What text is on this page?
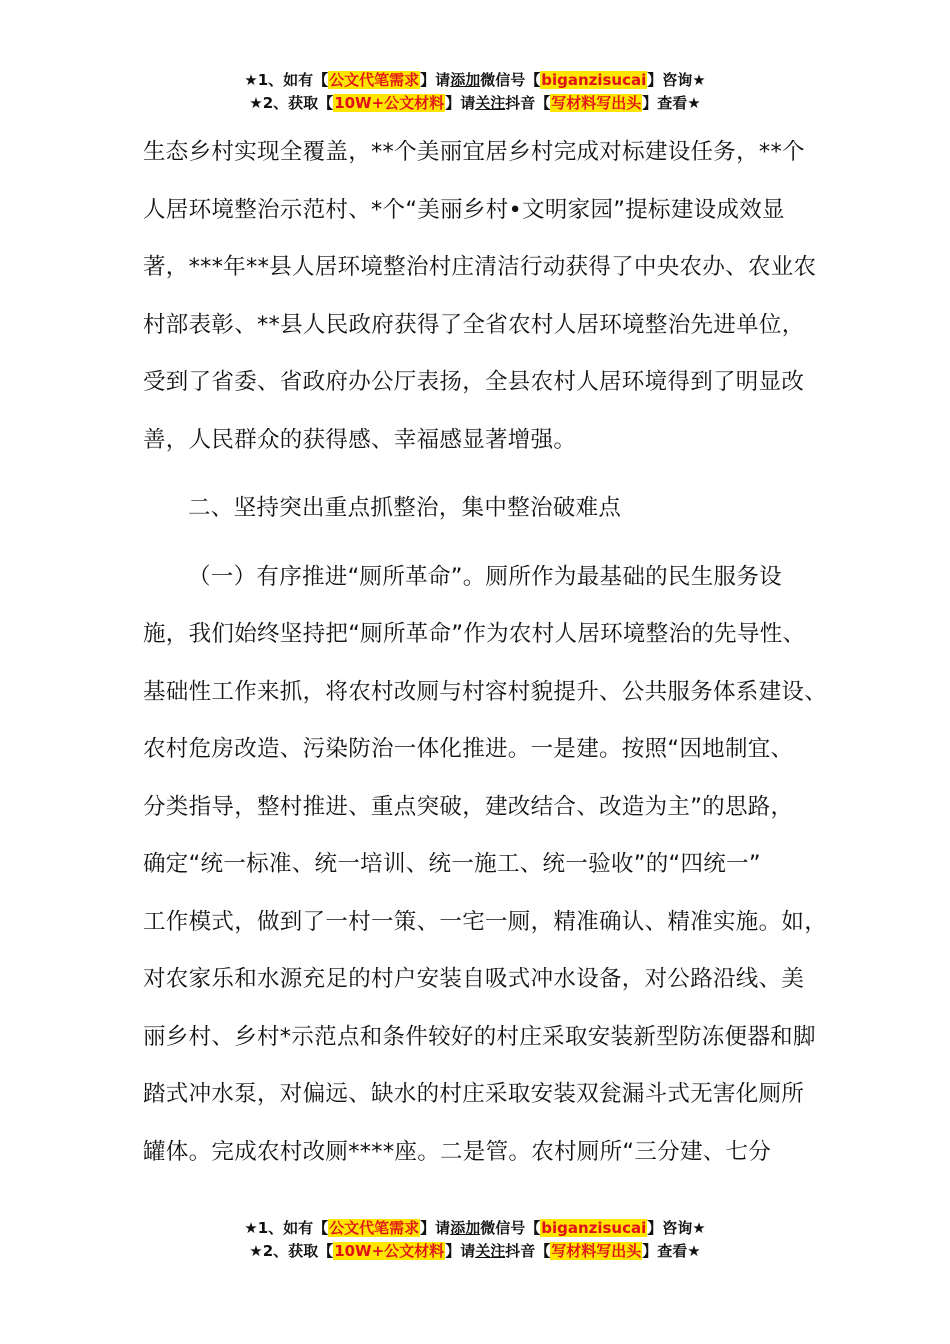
★1、如有【公文代笔需求】请添加微信号【biganzisucai】咨询★
★2、获取【10W+公文材料】请关注抖音【写材料写出头】查看★
生态乡村实现全覆盖，**个美丽宜居乡村完成对标建设任务，**个
人居环境整治示范村、*个“美丽乡村•文明家园”提标建设成效显
著，***年**县人居环境整治村庄清洁行动获得了中央农办、农业农
村部表彰、**县人民政府获得了全省农村人居环境整治先进单位，
受到了省委、省政府办公厅表扬，全县农村人居环境得到了明显改
善，人民群众的获得感、幸福感显著增强。
二、坚持突出重点抓整治，集中整治破难点
（一）有序推进“厕所革命”。厕所作为最基础的民生服务设
施，我们始终坚持把“厕所革命”作为农村人居环境整治的先导性、
基础性工作来抓，将农村改厕与村容村貌提升、公共服务体系建设、
农村危房改造、污染防治一体化推进。一是建。按照“因地制宜、
分类指导，整村推进、重点突破，建改结合、改造为主”的思路，
确定“统一标准、统一培训、统一施工、统一验收”的“四统一”
工作模式，做到了一村一策、一宅一厕，精准确认、精准实施。如，
对农家乐和水源充足的村户安装自吸式冲水设备，对公路沿线、美
丽乡村、乡村*示范点和条件较好的村庄采取安装新型防冻便器和脚
踏式冲水泵，对偏远、缺水的村庄采取安装双瓮漏斗式无害化厕所
罐体。完成农村改厕****座。二是管。农村厕所“三分建、七分
★1、如有【公文代笔需求】请添加微信号【biganzisucai】咨询★
★2、获取【10W+公文材料】请关注抖音【写材料写出头】查看★
